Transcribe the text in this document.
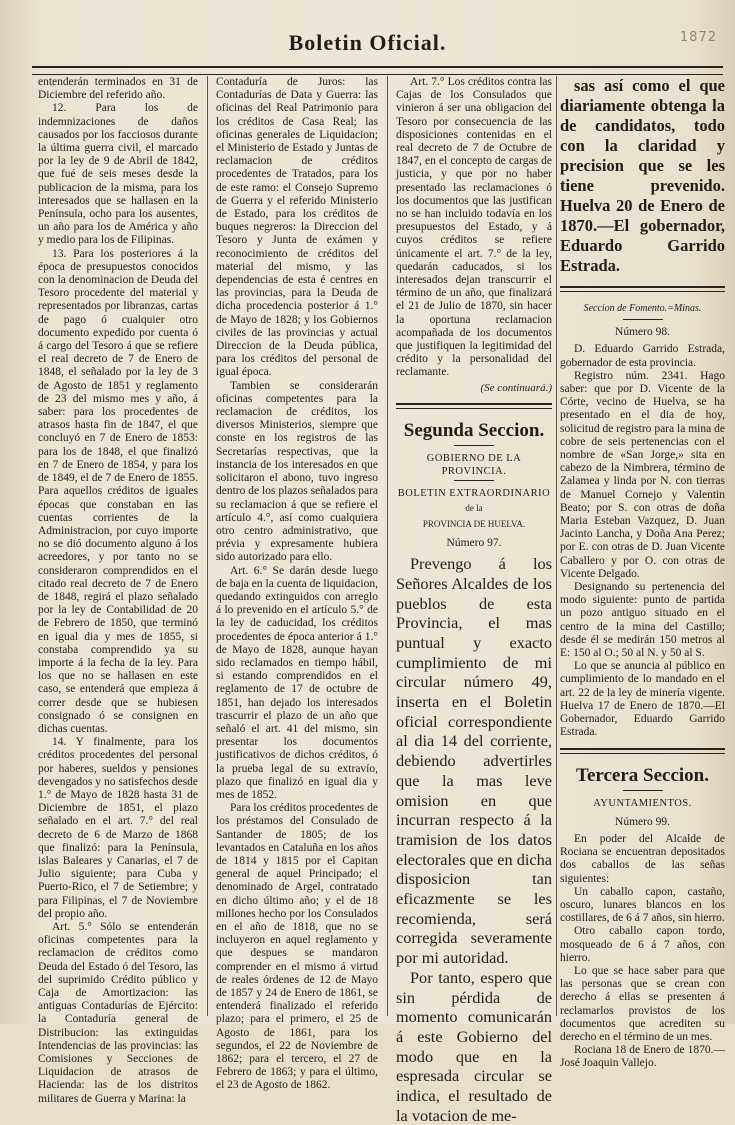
1872
Boletin Oficial.

entenderán terminados en 31 de Diciembre del referido año.

12. Para los de indemnizaciones de daños causados por los facciosos durante la última guerra civil, el marcado por la ley de 9 de Abril de 1842, que fué de seis meses desde la publicacion de la misma, para los interesados que se hallasen en la Península, ocho para los ausentes, un año para los de América y año y medio para los de Filipinas.

13. Para los posteriores á la época de presupuestos conocidos con la denominacion de Deuda del Tesoro procedente del material y representados por libranzas, cartas de pago ó cualquier otro documento expedido por cuenta ó á cargo del Tesoro á que se refiere el real decreto de 7 de Enero de 1848, el señalado por la ley de 3 de Agosto de 1851 y reglamento de 23 del mismo mes y año, á saber: para los procedentes de atrasos hasta fin de 1847, el que concluyó en 7 de Enero de 1853: para los de 1848, el que finalizó en 7 de Enero de 1854, y para los de 1849, el de 7 de Enero de 1855. Para aquellos créditos de iguales épocas que constaban en las cuentas corrientes de la Administracion, por cuyo importe no se dió documento alguno á los acreedores, y por tanto no se consideraron comprendidos en el citado real decreto de 7 de Enero de 1848, regirá el plazo señalado por la ley de Contabilidad de 20 de Febrero de 1850, que terminó en igual dia y mes de 1855, si constaba comprendido ya su importe á la fecha de la ley. Para los que no se hallasen en este caso, se entenderá que empieza á correr desde que se hubiesen consignado ó se consignen en dichas cuentas.

14. Y finalmente, para los créditos procedentes del personal por haberes, sueldos y pensiones devengados y no satisfechos desde 1.° de Mayo de 1828 hasta 31 de Diciembre de 1851, el plazo señalado en el art. 7.° del real decreto de 6 de Marzo de 1868 que finalizó: para la Península, islas Baleares y Canarias, el 7 de Julio siguiente; para Cuba y Puerto-Rico, el 7 de Setiembre; y para Filipinas, el 7 de Noviembre del propio año.

Art. 5.° Sólo se entenderán oficinas competentes para la reclamacion de créditos como Deuda del Estado ó del Tesoro, las del suprimido Crédito público y Caja de Amortizacion: las antiguas Contadurías de Ejército: la Contaduría general de Distribucion: las extinguidas Intendencias de las provincias: las Comisiones y Secciones de Liquidacion de atrasos de Hacienda: las de los distritos militares de Guerra y Marina: la

Contaduría de Juros: las Contadurías de Data y Guerra: las oficinas del Real Patrimonio para los créditos de Casa Real; las oficinas generales de Liquidacion; el Ministerio de Estado y Juntas de reclamacion de créditos procedentes de Tratados, para los de este ramo: el Consejo Supremo de Guerra y el referido Ministerio de Estado, para los créditos de buques negreros: la Direccion del Tesoro y Junta de exámen y reconocimiento de créditos del material del mismo, y las dependencias de esta é centres en las provincias, para la Deuda de dicha procedencia posterior á 1.° de Mayo de 1828; y los Gobiernos civiles de las provincias y actual Direccion de la Deuda pública, para los créditos del personal de igual época.

Tambien se considerarán oficinas competentes para la reclamacion de créditos, los diversos Ministerios, siempre que conste en los registros de las Secretarías respectivas, que la instancia de los interesados en que solicitaron el abono, tuvo ingreso dentro de los plazos señalados para su reclamacion á que se refiere el artículo 4.°, así como cualquiera otro centro administrativo, que prévia y expresamente hubiera sido autorizado para ello.

Art. 6.° Se darán desde luego de baja en la cuenta de liquidacion, quedando extinguidos con arreglo á lo prevenido en el artículo 5.° de la ley de caducidad, los créditos procedentes de época anterior á 1.° de Mayo de 1828, aunque hayan sido reclamados en tiempo hábil, si estando comprendidos en el reglamento de 17 de octubre de 1851, han dejado los interesados trascurrir el plazo de un año que señaló el art. 41 del mismo, sin presentar los documentos justificativos de dichos créditos, ó la prueba legal de su extravío, plazo que finalizó en igual dia y mes de 1852.

Para los créditos procedentes de los préstamos del Consulado de Santander de 1805; de los levantados en Cataluña en los años de 1814 y 1815 por el Capitan general de aquel Principado; el denominado de Argel, contratado en dicho último año; y el de 18 millones hecho por los Consulados en el año de 1818, que no se incluyeron en aquel reglamento y que despues se mandaron comprender en el mismo á virtud de reales órdenes de 12 de Mayo de 1857 y 24 de Enero de 1861, se entenderá finalizado el referido plazo; para el primero, el 25 de Agosto de 1861, para los segundos, el 22 de Noviembre de 1862; para el tercero, el 27 de Febrero de 1863; y para el último, el 23 de Agosto de 1862.

Art. 7.° Los créditos contra las Cajas de los Consulados que vinieron á ser una obligacion del Tesoro por consecuencia de las disposiciones contenidas en el real decreto de 7 de Octubre de 1847, en el concepto de cargas de justicia, y que por no haber presentado las reclamaciones ó los documentos que las justifican no se han incluido todavía en los presupuestos del Estado, y á cuyos créditos se refiere únicamente el art. 7.° de la ley, quedarán caducados, si los interesados dejan transcurrir el término de un año, que finalizará el 21 de Julio de 1870, sin hacer la oportuna reclamacion acompañada de los documentos que justifiquen la legitimidad del crédito y la personalidad del reclamante.

(Se continuará.)
Segunda Seccion.
GOBIERNO DE LA PROVINCIA.
BOLETIN EXTRAORDINARIO
de la
PROVINCIA DE HUELVA.
Número 97.

Prevengo á los Señores Alcaldes de los pueblos de esta Provincia, el mas puntual y exacto cumplimiento de mi circular número 49, inserta en el Boletin oficial correspondiente al dia 14 del corriente, debiendo advertirles que la mas leve omision en que incurran respecto á la tramision de los datos electorales que en dicha disposicion tan eficazmente se les recomienda, será corregida severamente por mi autoridad.

Por tanto, espero que sin pérdida de momento comunicarán á este Gobierno del modo que en la espresada circular se indica, el resultado de la votacion de me-

sas así como el que diariamente obtenga la de candidatos, todo con la claridad y precision que se les tiene prevenido. Huelva 20 de Enero de 1870.—El gobernador, Eduardo Garrido Estrada.

Seccion de Fomento.=Minas.
Número 98.

D. Eduardo Garrido Estrada, gobernador de esta provincia.

Registro núm. 2341. Hago saber: que por D. Vicente de la Córte, vecino de Huelva, se ha presentado en el dia de hoy, solicitud de registro para la mina de cobre de seis pertenencias con el nombre de «San Jorge,» sita en cabezo de la Nimbrera, término de Zalamea y linda por N. con tierras de Manuel Cornejo y Valentin Beato; por S. con otras de doña Maria Esteban Vazquez, D. Juan Jacinto Lancha, y Doña Ana Perez; por E. con otras de D. Juan Vicente Caballero y por O. con otras de Vicente Delgado.

Designando su pertenencia del modo siguiente: punto de partida un pozo antiguo situado en el centro de la mina del Castillo; desde él se medirán 150 metros al E: 150 al O.; 50 al N. y 50 al S.

Lo que se anuncia al público en cumplimiento de lo mandado en el art. 22 de la ley de minería vigente. Huelva 17 de Enero de 1870.—El Gobernador, Eduardo Garrido Estrada.

Tercera Seccion.
AYUNTAMIENTOS.
Número 99.

En poder del Alcalde de Rociana se encuentran depositados dos caballos de las señas siguientes:

Un caballo capon, castaño, oscuro, lunares blancos en los costillares, de 6 á 7 años, sin hierro.

Otro caballo capon tordo, mosqueado de 6 á 7 años, con hierro.

Lo que se hace saber para que las personas que se crean con derecho á ellas se presenten á reclamarlos provistos de los documentos que acrediten su derecho en el término de un mes.

Rociana 18 de Enero de 1870.—José Joaquin Vallejo.
